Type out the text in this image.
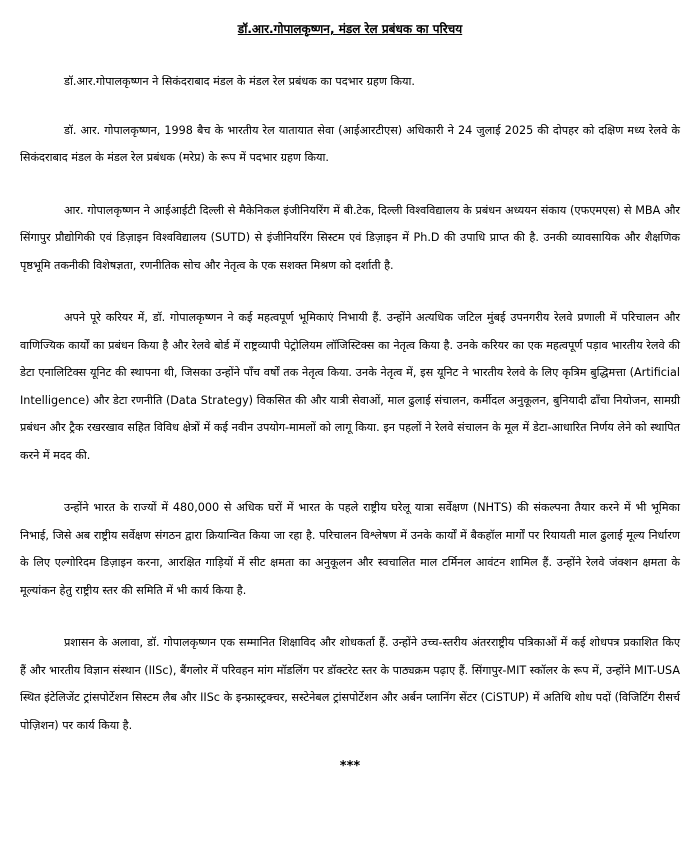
डॉ.आर.गोपालकृष्णन, मंडल रेल प्रबंधक का परिचय

डॉ.आर.गोपालकृष्णन ने सिकंदराबाद मंडल के मंडल रेल प्रबंधक का पदभार ग्रहण किया.

डॉ. आर. गोपालकृष्णन, 1998 बैच के भारतीय रेल यातायात सेवा (आईआरटीएस) अधिकारी ने 24 जुलाई 2025 की दोपहर को दक्षिण मध्य रेलवे के सिकंदराबाद मंडल के मंडल रेल प्रबंधक (मरेप्र) के रूप में पदभार ग्रहण किया.

आर. गोपालकृष्णन ने आईआईटी दिल्ली से मैकेनिकल इंजीनियरिंग में बी.टेक, दिल्ली विश्वविद्यालय के प्रबंधन अध्ययन संकाय (एफएमएस) से MBA और सिंगापुर प्रौद्योगिकी एवं डिज़ाइन विश्वविद्यालय (SUTD) से इंजीनियरिंग सिस्टम एवं डिज़ाइन में Ph.D की उपाधि प्राप्त की है. उनकी व्यावसायिक और शैक्षणिक पृष्ठभूमि तकनीकी विशेषज्ञता, रणनीतिक सोच और नेतृत्व के एक सशक्त मिश्रण को दर्शाती है.

अपने पूरे करियर में, डॉ. गोपालकृष्णन ने कई महत्वपूर्ण भूमिकाएं निभायी हैं. उन्होंने अत्यधिक जटिल मुंबई उपनगरीय रेलवे प्रणाली में परिचालन और वाणिज्यिक कार्यों का प्रबंधन किया है और रेलवे बोर्ड में राष्ट्रव्यापी पेट्रोलियम लॉजिस्टिक्स का नेतृत्व किया है. उनके करियर का एक महत्वपूर्ण पड़ाव भारतीय रेलवे की डेटा एनालिटिक्स यूनिट की स्थापना थी, जिसका उन्होंने पाँच वर्षों तक नेतृत्व किया. उनके नेतृत्व में, इस यूनिट ने भारतीय रेलवे के लिए कृत्रिम बुद्धिमत्ता (Artificial Intelligence) और डेटा रणनीति (Data Strategy) विकसित की और यात्री सेवाओं, माल ढुलाई संचालन, कर्मीदल अनुकूलन, बुनियादी ढाँचा नियोजन, सामग्री प्रबंधन और ट्रैक रखरखाव सहित विविध क्षेत्रों में कई नवीन उपयोग-मामलों को लागू किया. इन पहलों ने रेलवे संचालन के मूल में डेटा-आधारित निर्णय लेने को स्थापित करने में मदद की.

उन्होंने भारत के राज्यों में 480,000 से अधिक घरों में भारत के पहले राष्ट्रीय घरेलू यात्रा सर्वेक्षण (NHTS) की संकल्पना तैयार करने में भी भूमिका निभाई, जिसे अब राष्ट्रीय सर्वेक्षण संगठन द्वारा क्रियान्वित किया जा रहा है. परिचालन विश्लेषण में उनके कार्यों में बैकहॉल मार्गों पर रियायती माल ढुलाई मूल्य निर्धारण के लिए एल्गोरिदम डिज़ाइन करना, आरक्षित गाड़ियों में सीट क्षमता का अनुकूलन और स्वचालित माल टर्मिनल आवंटन शामिल हैं. उन्होंने रेलवे जंक्शन क्षमता के मूल्यांकन हेतु राष्ट्रीय स्तर की समिति में भी कार्य किया है.

प्रशासन के अलावा, डॉ. गोपालकृष्णन एक सम्मानित शिक्षाविद और शोधकर्ता हैं. उन्होंने उच्च-स्तरीय अंतरराष्ट्रीय पत्रिकाओं में कई शोधपत्र प्रकाशित किए हैं और भारतीय विज्ञान संस्थान (IISc), बैंगलोर में परिवहन मांग मॉडलिंग पर डॉक्टरेट स्तर के पाठ्यक्रम पढ़ाए हैं. सिंगापुर-MIT स्कॉलर के रूप में, उन्होंने MIT-USA स्थित इंटेलिजेंट ट्रांसपोर्टेशन सिस्टम लैब और IISc के इन्फ्रास्ट्रक्चर, सस्टेनेबल ट्रांसपोर्टेशन और अर्बन प्लानिंग सेंटर (CiSTUP) में अतिथि शोध पदों (विजिटिंग रीसर्च पोज़िशन) पर कार्य किया है.

***
